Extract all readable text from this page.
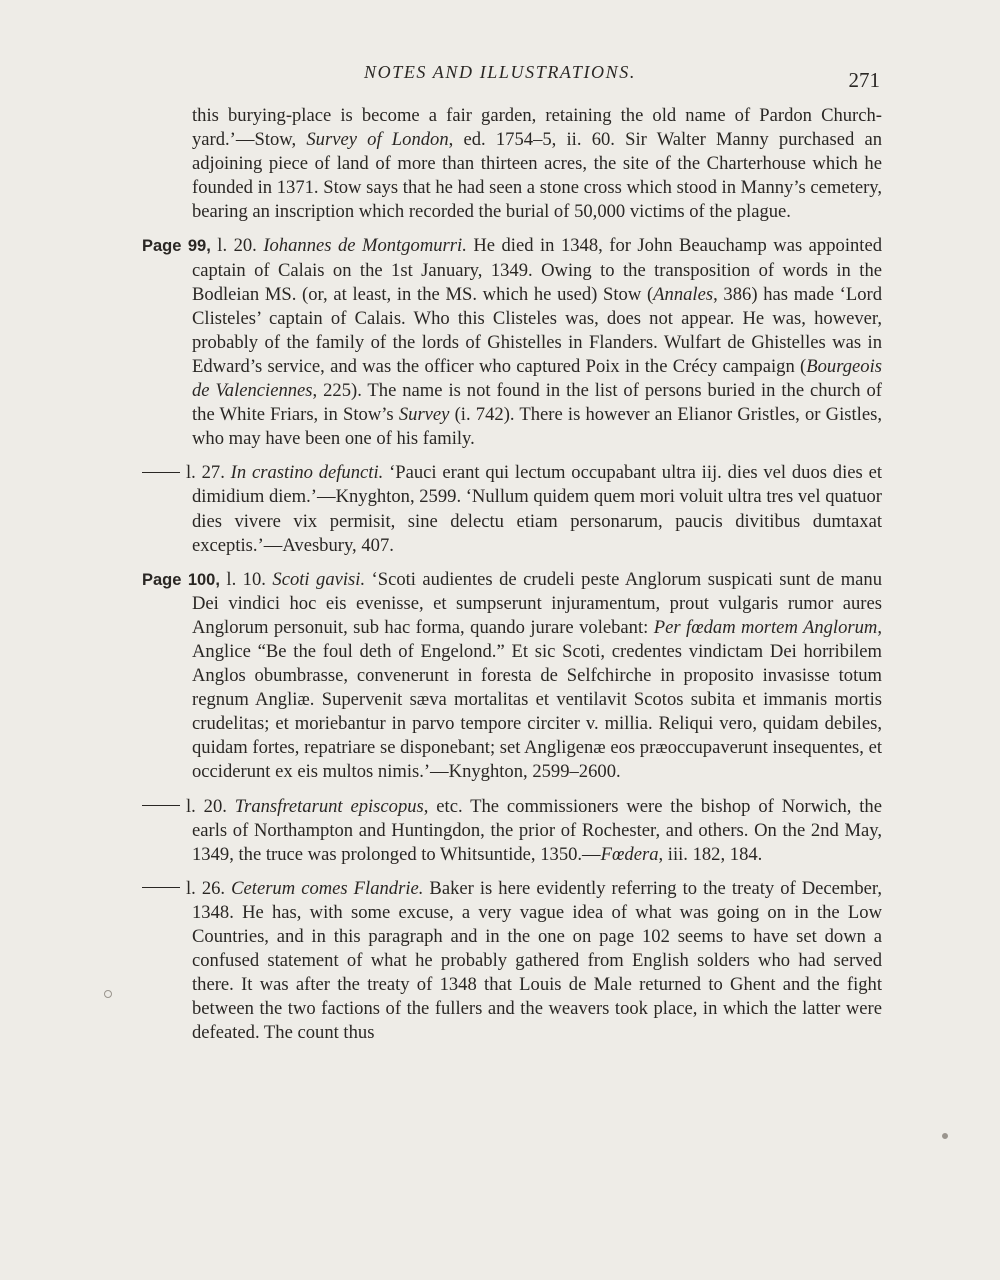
NOTES AND ILLUSTRATIONS.	271

this burying-place is become a fair garden, retaining the old name of Pardon Church-yard.’—Stow, Survey of London, ed. 1754–5, ii. 60. Sir Walter Manny purchased an adjoining piece of land of more than thirteen acres, the site of the Charterhouse which he founded in 1371. Stow says that he had seen a stone cross which stood in Manny’s cemetery, bearing an inscription which recorded the burial of 50,000 victims of the plague.

Page 99, l. 20. Iohannes de Montgomurri. He died in 1348, for John Beauchamp was appointed captain of Calais on the 1st January, 1349. Owing to the transposition of words in the Bodleian MS. (or, at least, in the MS. which he used) Stow (Annales, 386) has made ‘Lord Clisteles’ captain of Calais. Who this Clisteles was, does not appear. He was, however, probably of the family of the lords of Ghistelles in Flanders. Wulfart de Ghistelles was in Edward’s service, and was the officer who captured Poix in the Crécy campaign (Bourgeois de Valenciennes, 225). The name is not found in the list of persons buried in the church of the White Friars, in Stow’s Survey (i. 742). There is however an Elianor Gristles, or Gistles, who may have been one of his family.

l. 27. In crastino defuncti. ‘Pauci erant qui lectum occupabant ultra iij. dies vel duos dies et dimidium diem.’—Knyghton, 2599. ‘Nullum quidem quem mori voluit ultra tres vel quatuor dies vivere vix permisit, sine delectu etiam personarum, paucis divitibus dumtaxat exceptis.’—Avesbury, 407.

Page 100, l. 10. Scoti gavisi. ‘Scoti audientes de crudeli peste Anglorum suspicati sunt de manu Dei vindici hoc eis evenisse, et sumpserunt injuramentum, prout vulgaris rumor aures Anglorum personuit, sub hac forma, quando jurare volebant: Per fœdam mortem Anglorum, Anglice “Be the foul deth of Engelond.” Et sic Scoti, credentes vindictam Dei horribilem Anglos obumbrasse, convenerunt in foresta de Selfchirche in proposito invasisse totum regnum Angliæ. Supervenit sæva mortalitas et ventilavit Scotos subita et immanis mortis crudelitas; et moriebantur in parvo tempore circiter v. millia. Reliqui vero, quidam debiles, quidam fortes, repatriare se disponebant; set Angligenæ eos præoccupaverunt insequentes, et occiderunt ex eis multos nimis.’—Knyghton, 2599–2600.

l. 20. Transfretarunt episcopus, etc. The commissioners were the bishop of Norwich, the earls of Northampton and Huntingdon, the prior of Rochester, and others. On the 2nd May, 1349, the truce was prolonged to Whitsuntide, 1350.—Fœdera, iii. 182, 184.

l. 26. Ceterum comes Flandrie. Baker is here evidently referring to the treaty of December, 1348. He has, with some excuse, a very vague idea of what was going on in the Low Countries, and in this paragraph and in the one on page 102 seems to have set down a confused statement of what he probably gathered from English solders who had served there. It was after the treaty of 1348 that Louis de Male returned to Ghent and the fight between the two factions of the fullers and the weavers took place, in which the latter were defeated. The count thus
